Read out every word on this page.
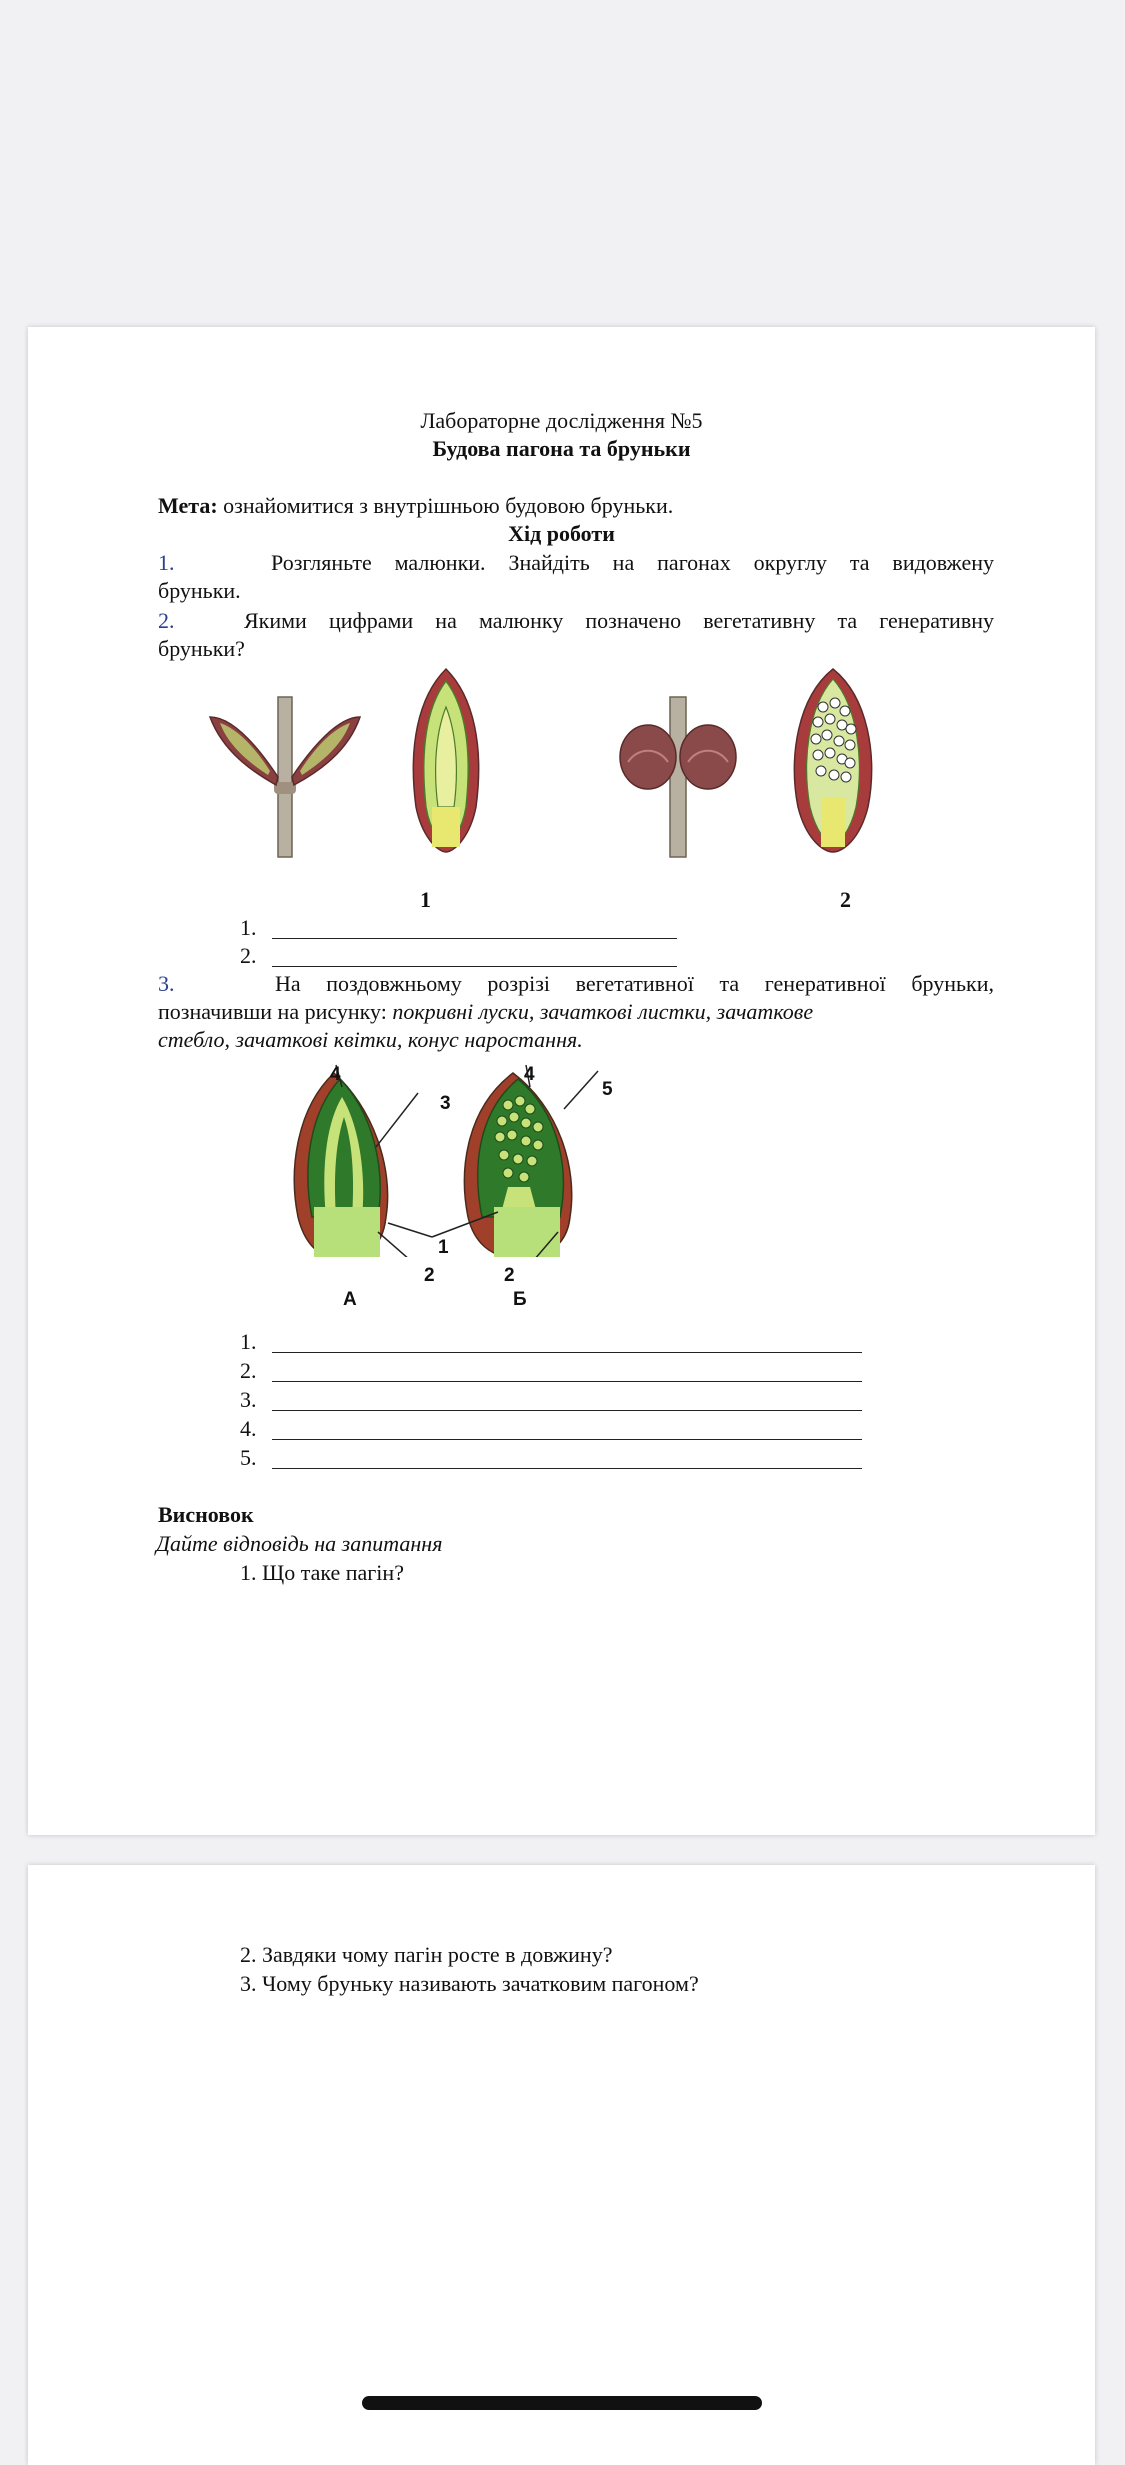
Лабораторне дослідження №5
Будова пагона та бруньки
Мета: ознайомитися з внутрішньою будовою бруньки.
Хід роботи
1.	Розгляньте малюнки. Знайдіть на пагонах округлу та видовжену
бруньки.
2.	Якими цифрами на малюнку позначено вегетативну та генеративну
бруньки?
1	2
1.
2.
3.	На поздовжньому розрізі вегетативної та генеративної бруньки,
позначивши на рисунку: покривні луски, зачаткові листки, зачаткове
стебло, зачаткові квітки, конус наростання.
4
3
4
5
1
2	2
А	Б
1.
2.
3.
4.
5.
Висновок
Дайте відповідь на запитання
1. Що таке пагін?
2. Завдяки чому пагін росте в довжину?
3. Чому бруньку називають зачатковим пагоном?
